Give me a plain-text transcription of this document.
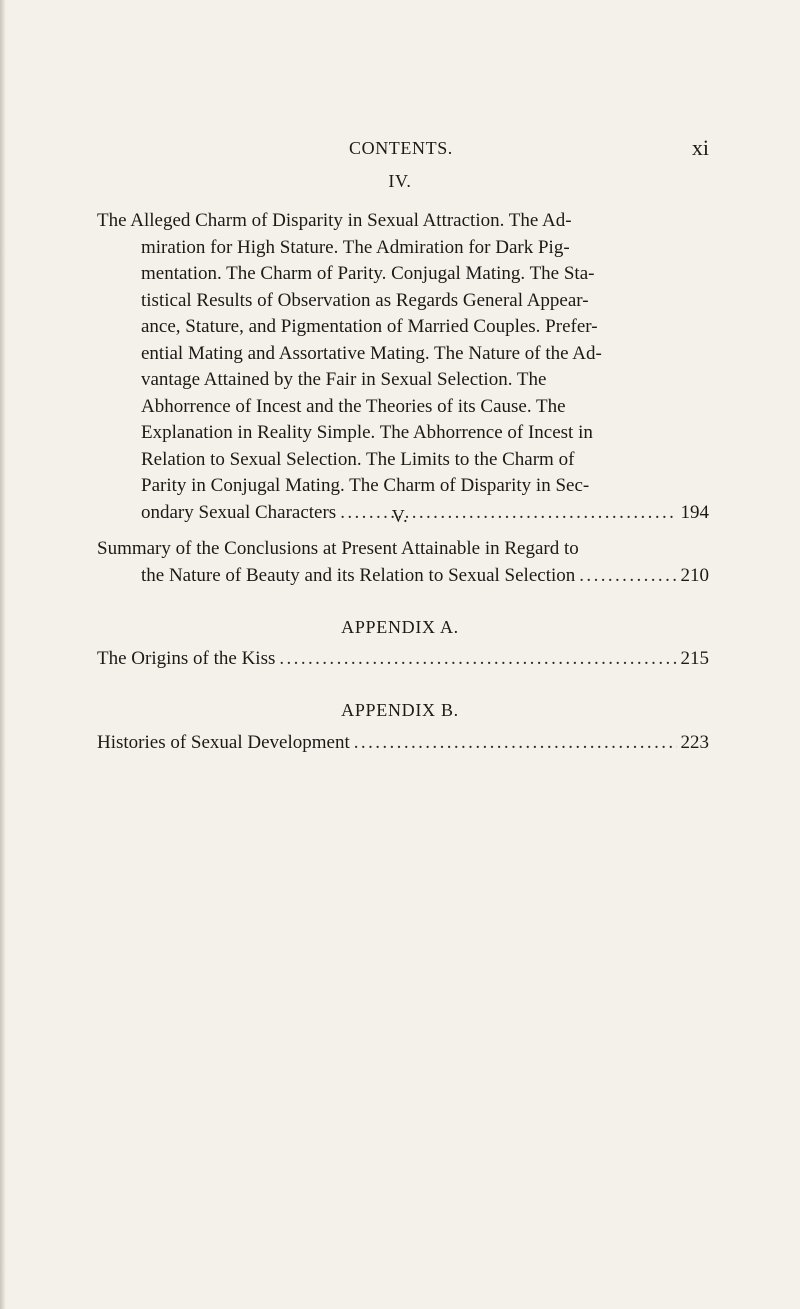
CONTENTS.	xi
IV.
The Alleged Charm of Disparity in Sexual Attraction. The Ad-
miration for High Stature. The Admiration for Dark Pig-
mentation. The Charm of Parity. Conjugal Mating. The Sta-
tistical Results of Observation as Regards General Appear-
ance, Stature, and Pigmentation of Married Couples. Prefer-
ential Mating and Assortative Mating. The Nature of the Ad-
vantage Attained by the Fair in Sexual Selection. The
Abhorrence of Incest and the Theories of its Cause. The
Explanation in Reality Simple. The Abhorrence of Incest in
Relation to Sexual Selection. The Limits to the Charm of
Parity in Conjugal Mating. The Charm of Disparity in Sec-
ondary Sexual Characters .....	194
V.
Summary of the Conclusions at Present Attainable in Regard to
the Nature of Beauty and its Relation to Sexual Selection .....	210
APPENDIX A.
The Origins of the Kiss .....	215
APPENDIX B.
Histories of Sexual Development .....	223
